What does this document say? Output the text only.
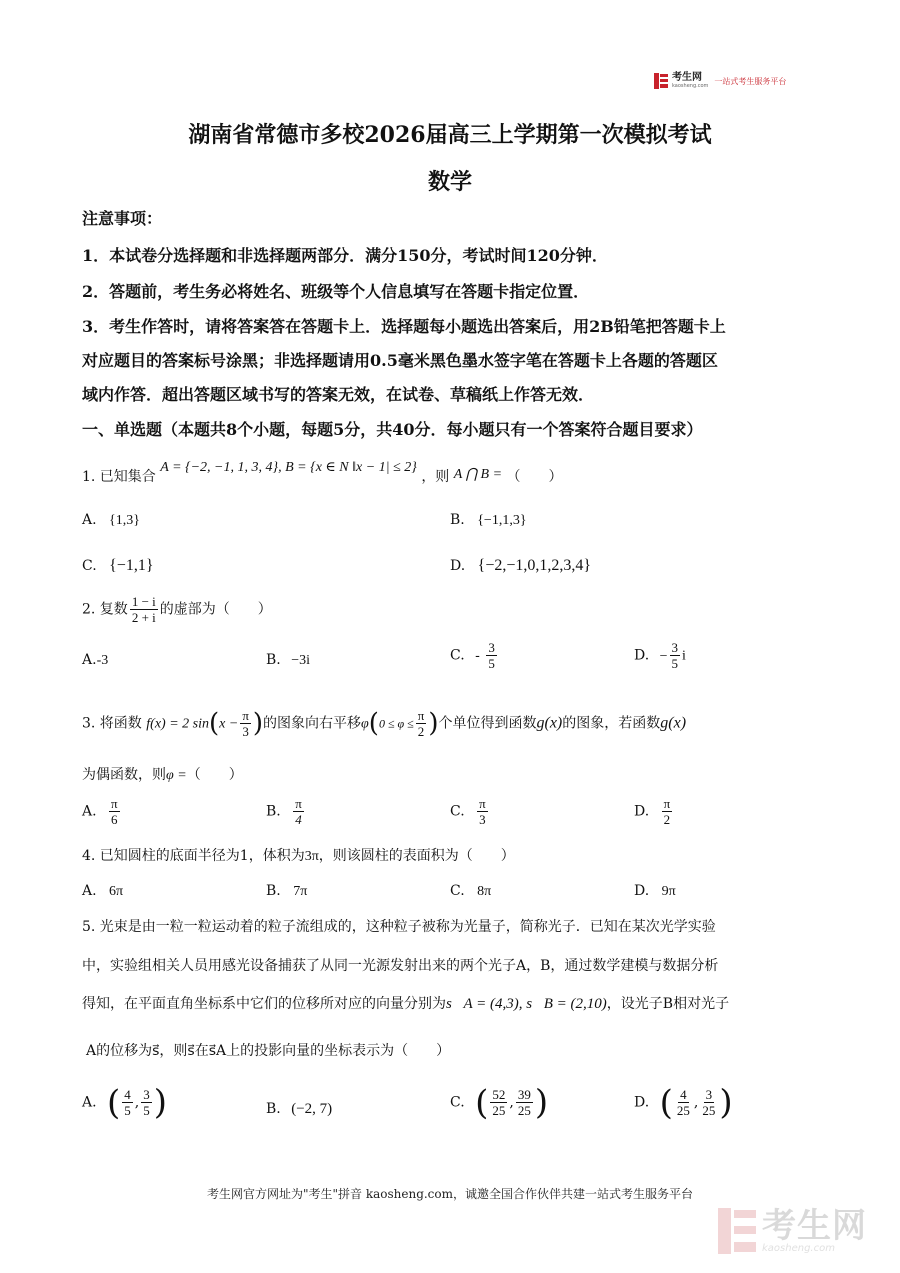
考生网
kaosheng.com
一站式考生服务平台
湖南省常德市多校2026届高三上学期第一次模拟考试
数学
注意事项：
1．本试卷分选择题和非选择题两部分．满分150分，考试时间120分钟．
2．答题前，考生务必将姓名、班级等个人信息填写在答题卡指定位置．
3．考生作答时，请将答案答在答题卡上．选择题每小题选出答案后，用2B铅笔把答题卡上
对应题目的答案标号涂黑；非选择题请用0.5毫米黑色墨水签字笔在答题卡上各题的答题区
域内作答．超出答题区域书写的答案无效，在试卷、草稿纸上作答无效．
一、单选题（本题共8个小题，每题5分，共40分．每小题只有一个答案符合题目要求）
1. 已知集合 A = {−2, −1, 1, 3, 4}, B = {x ∈ N ‖x − 1| ≤ 2} ，则 A ⋂ B = （　　）
A. {1,3}	B. {−1,1,3}
C. {−1,1}	D. {−2,−1,0,1,2,3,4}
2. 复数 $\frac{1 - i}{2 + i}$ 的虚部为（　　）
A.-3	B. −3i	C. - $\frac{3}{5}$	D. − $\frac{3}{5}$ i
3. 将函数 f(x) = 2 $\sin(x - \frac{\pi}{3}$ )的图象向右平移$\varphi(0 \le \varphi \le \frac{\pi}{2}$ )个单位得到函数g(x)的图象，若函数g(x)
为偶函数，则φ =（　　）
A. $\frac{\pi}{6}$	B. $\frac{\pi}{4}$	C. $\frac{\pi}{3}$	D. $\frac{\pi}{2}$
4. 已知圆柱的底面半径为1，体积为3π，则该圆柱的表面积为（　　）
A. 6π	B. 7π	C. 8π	D. 9π
5. 光束是由一粒一粒运动着的粒子流组成的，这种粒子被称为光量子，简称光子．已知在某次光学实验
中，实验组相关人员用感光设备捕获了从同一光源发射出来的两个光子A，B，通过数学建模与数据分析
得知，在平面直角坐标系中它们的位移所对应的向量分别为s⃗A = (4,3), s⃗B = (2,10)，设光子B相对光子
A的位移为s⃗，则s⃗在s⃗A上的投影向量的坐标表示为（　　）
A. ( $\frac{4}{5}$ , $\frac{3}{5}$ )	B. (−2, 7)	C. ( $\frac{52}{25}$ , $\frac{39}{25}$ )	D. ( $\frac{4}{25}$ , $\frac{3}{25}$ )
考生网官方网址为"考生"拼音 kaosheng.com，诚邀全国合作伙伴共建一站式考生服务平台
考生网
kaosheng.com
